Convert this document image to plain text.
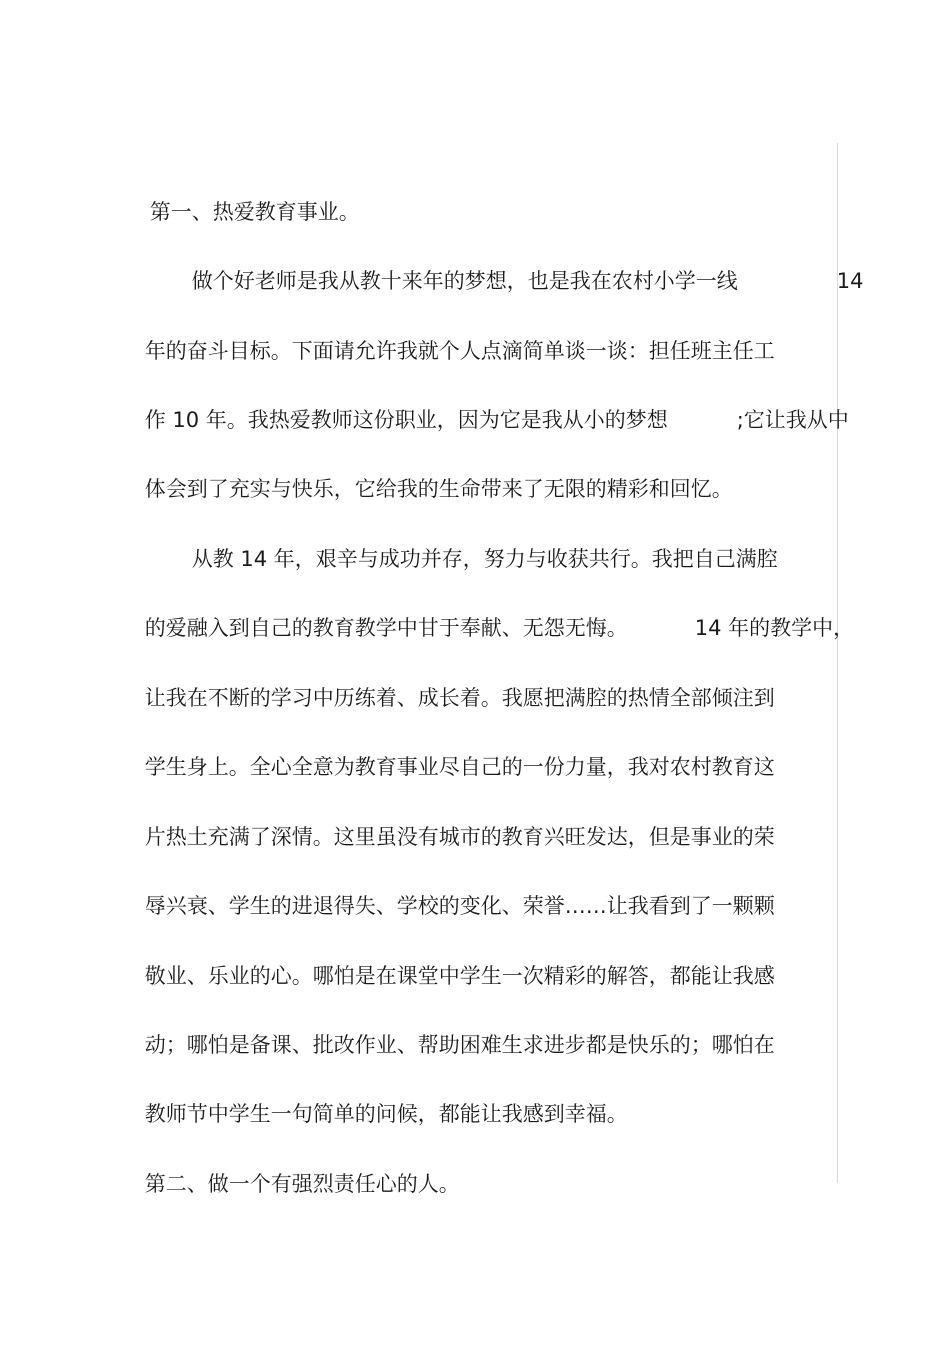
第一、热爱教育事业。

做个好老师是我从教十来年的梦想，也是我在农村小学一线
	14

年的奋斗目标。下面请允许我就个人点滴简单谈一谈：担任班主任工

作 10 年。我热爱教师这份职业，因为它是我从小的梦想
	;它让我从中

体会到了充实与快乐，它给我的生命带来了无限的精彩和回忆。

从教 14 年，艰辛与成功并存，努力与收获共行。我把自己满腔

的爱融入到自己的教育教学中甘于奉献、无怨无悔。
	14 年的教学中，

让我在不断的学习中历练着、成长着。我愿把满腔的热情全部倾注到

学生身上。全心全意为教育事业尽自己的一份力量，我对农村教育这

片热土充满了深情。这里虽没有城市的教育兴旺发达，但是事业的荣

辱兴衰、学生的进退得失、学校的变化、荣誉……让我看到了一颗颗

敬业、乐业的心。哪怕是在课堂中学生一次精彩的解答，都能让我感

动；哪怕是备课、批改作业、帮助困难生求进步都是快乐的；哪怕在

教师节中学生一句简单的问候，都能让我感到幸福。

第二、做一个有强烈责任心的人。
